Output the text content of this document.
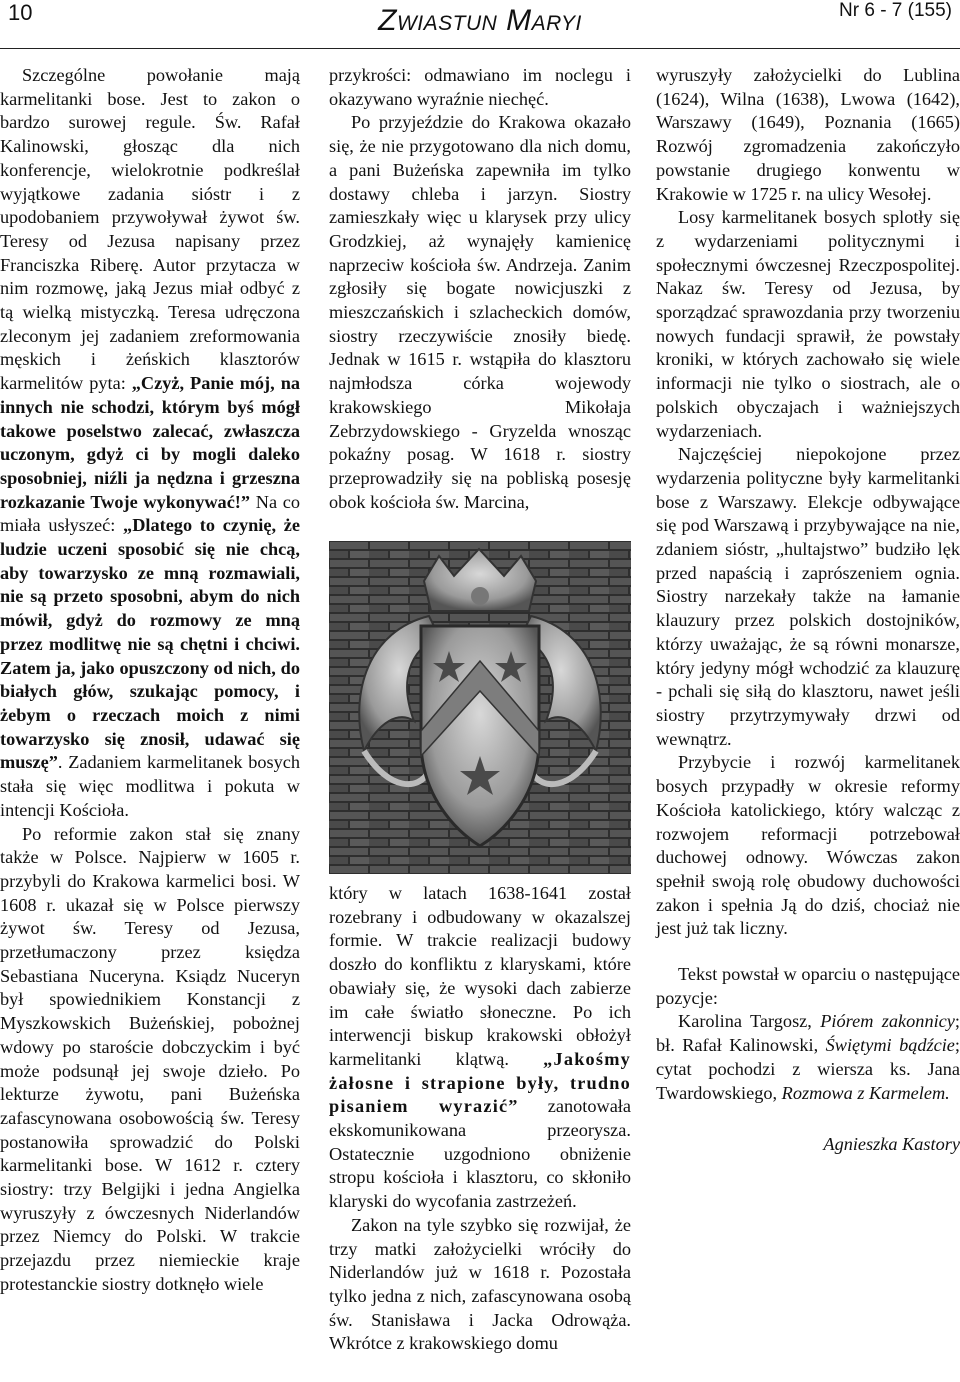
10	Zwiastun Maryi	Nr 6 - 7 (155)

Szczególne powołanie mają karmelitanki bose. Jest to zakon o bardzo surowej regule. Św. Rafał Kalinowski, głosząc dla nich konferencje, wielokrotnie podkreślał wyjątkowe zadania sióstr i z upodobaniem przywoływał żywot św. Teresy od Jezusa napisany przez Franciszka Riberę. Autor przytacza w nim rozmowę, jaką Jezus miał odbyć z tą wielką mistyczką. Teresa udręczona zleconym jej zadaniem zreformowania męskich i żeńskich klasztorów karmelitów pyta: „Czyż, Panie mój, na innych nie schodzi, którym byś mógł takowe poselstwo zalecać, zwłaszcza uczonym, gdyż ci by mogli daleko sposobniej, niźli ja nędzna i grzeszna rozkazanie Twoje wykonywać!” Na co miała usłyszeć: „Dlatego to czynię, że ludzie uczeni sposobić się nie chcą, aby towarzysko ze mną rozmawiali, nie są przeto sposobni, abym do nich mówił, gdyż do rozmowy ze mną przez modlitwę nie są chętni i chciwi. Zatem ja, jako opuszczony od nich, do białych głów, szukając pomocy, i żebym o rzeczach moich z nimi towarzysko się znosił, udawać się muszę”. Zadaniem karmelitanek bosych stała się więc modlitwa i pokuta w intencji Kościoła.

Po reformie zakon stał się znany także w Polsce. Najpierw w 1605 r. przybyli do Krakowa karmelici bosi. W 1608 r. ukazał się w Polsce pierwszy żywot św. Teresy od Jezusa, przetłumaczony przez księdza Sebastiana Nuceryna. Ksiądz Nuceryn był spowiednikiem Konstancji z Myszkowskich Bużeńskiej, pobożnej wdowy po staroście dobczyckim i być może podsunął jej swoje dzieło. Po lekturze żywotu, pani Bużeńska zafascynowana osobowością św. Teresy postanowiła sprowadzić do Polski karmelitanki bose. W 1612 r. cztery siostry: trzy Belgijki i jedna Angielka wyruszyły z ówczesnych Niderlandów przez Niemcy do Polski. W trakcie przejazdu przez niemieckie kraje protestanckie siostry dotknęło wiele

przykrości: odmawiano im noclegu i okazywano wyraźnie niechęć.

Po przyjeździe do Krakowa okazało się, że nie przygotowano dla nich domu, a pani Bużeńska zapewniła im tylko dostawy chleba i jarzyn. Siostry zamieszkały więc u klarysek przy ulicy Grodzkiej, aż wynajęły kamienicę naprzeciw kościoła św. Andrzeja. Zanim zgłosiły się bogate nowicjuszki z mieszczańskich i szlacheckich domów, siostry rzeczywiście znosiły biedę. Jednak w 1615 r. wstąpiła do klasztoru najmłodsza córka wojewody krakowskiego Mikołaja Zebrzydowskiego - Gryzelda wnosząc pokaźny posag. W 1618 r. siostry przeprowadziły się na pobliską posesję obok kościoła św. Marcina,

który w latach 1638-1641 został rozebrany i odbudowany w okazalszej formie. W trakcie realizacji budowy doszło do konfliktu z klaryskami, które obawiały się, że wysoki dach zabierze im całe światło słoneczne. Po ich interwencji biskup krakowski obłożył karmelitanki klątwą. „Jakośmy żałosne i strapione były, trudno pisaniem wyrazić” zanotowała ekskomunikowana przeorysza. Ostatecznie uzgodniono obniżenie stropu kościoła i klasztoru, co skłoniło klaryski do wycofania zastrzeżeń.

Zakon na tyle szybko się rozwijał, że trzy matki założycielki wróciły do Niderlandów już w 1618 r. Pozostała tylko jedna z nich, zafascynowana osobą św. Stanisława i Jacka Odrowąża. Wkrótce z krakowskiego domu

wyruszyły założycielki do Lublina (1624), Wilna (1638), Lwowa (1642), Warszawy (1649), Poznania (1665) Rozwój zgromadzenia zakończyło powstanie drugiego konwentu w Krakowie w 1725 r. na ulicy Wesołej.

Losy karmelitanek bosych splotły się z wydarzeniami politycznymi i społecznymi ówczesnej Rzeczpospolitej. Nakaz św. Teresy od Jezusa, by sporządzać sprawozdania przy tworzeniu nowych fundacji sprawił, że powstały kroniki, w których zachowało się wiele informacji nie tylko o siostrach, ale o polskich obyczajach i ważniejszych wydarzeniach.

Najczęściej niepokojone przez wydarzenia polityczne były karmelitanki bose z Warszawy. Elekcje odbywające się pod Warszawą i przybywające na nie, zdaniem sióstr, „hultajstwo” budziło lęk przed napaścią i zaprószeniem ognia. Siostry narzekały także na łamanie klauzury przez polskich dostojników, którzy uważając, że są równi monarsze, który jedyny mógł wchodzić za klauzurę - pchali się siłą do klasztoru, nawet jeśli siostry przytrzymywały drzwi od wewnątrz.

Przybycie i rozwój karmelitanek bosych przypadły w okresie reformy Kościoła katolickiego, który walcząc z rozwojem reformacji potrzebował duchowej odnowy. Wówczas zakon spełnił swoją rolę obudowy duchowości zakon i spełnia Ją do dziś, chociaż nie jest już tak liczny.

Tekst powstał w oparciu o następujące pozycje:

Karolina Targosz, Piórem zakonnicy; bł. Rafał Kalinowski, Świętymi bądźcie; cytat pochodzi z wiersza ks. Jana Twardowskiego, Rozmowa z Karmelem.

Agnieszka Kastory
